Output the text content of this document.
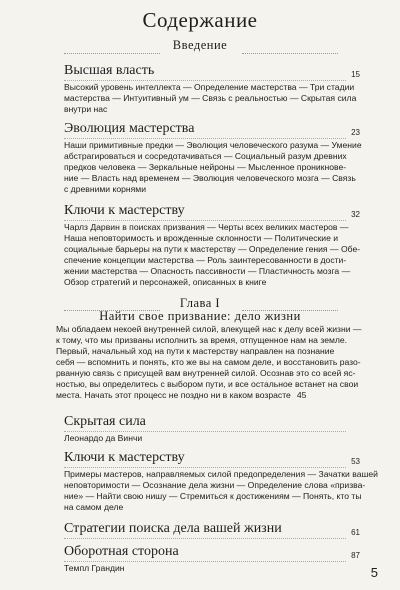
Содержание
Введение
Высшая власть	15
Высокий уровень интеллекта — Определение мастерства — Три стадии
мастерства — Интуитивный ум — Связь с реальностью — Скрытая сила
внутри нас
Эволюция мастерства	23
Наши примитивные предки — Эволюция человеческого разума — Умение
абстрагироваться и сосредотачиваться — Социальный разум древних
предков человека — Зеркальные нейроны — Мысленное проникнове-
ние — Власть над временем — Эволюция человеческого мозга — Связь
с древними корнями
Ключи к мастерству	32
Чарлз Дарвин в поисках призвания — Черты всех великих мастеров —
Наша неповторимость и врожденные склонности — Политические и
социальные барьеры на пути к мастерству — Определение гения — Обе-
спечение концепции мастерства — Роль заинтересованности в дости-
жении мастерства — Опасность пассивности — Пластичность мозга —
Обзор стратегий и персонажей, описанных в книге
Глава I
Найти свое призвание: дело жизни
Мы обладаем некоей внутренней силой, влекущей нас к делу всей жизни —
к тому, что мы призваны исполнить за время, отпущенное нам на земле.
Первый, начальный ход на пути к мастерству направлен на познание
себя — вспомнить и понять, кто же вы на самом деле, и восстановить разо-
рванную связь с присущей вам внутренней силой. Осознав это со всей яс-
ностью, вы определитесь с выбором пути, и все остальное встанет на свои
места. Начать этот процесс не поздно ни в каком возрасте 45
Скрытая сила
Леонардо да Винчи
Ключи к мастерству	53
Примеры мастеров, направляемых силой предопределения — Зачатки вашей
неповторимости — Осознание дела жизни — Определение слова «призва-
ние» — Найти свою нишу — Стремиться к достижениям — Понять, кто ты
на самом деле
Стратегии поиска дела вашей жизни	61
Оборотная сторона	87
Темпл Грандин	5
